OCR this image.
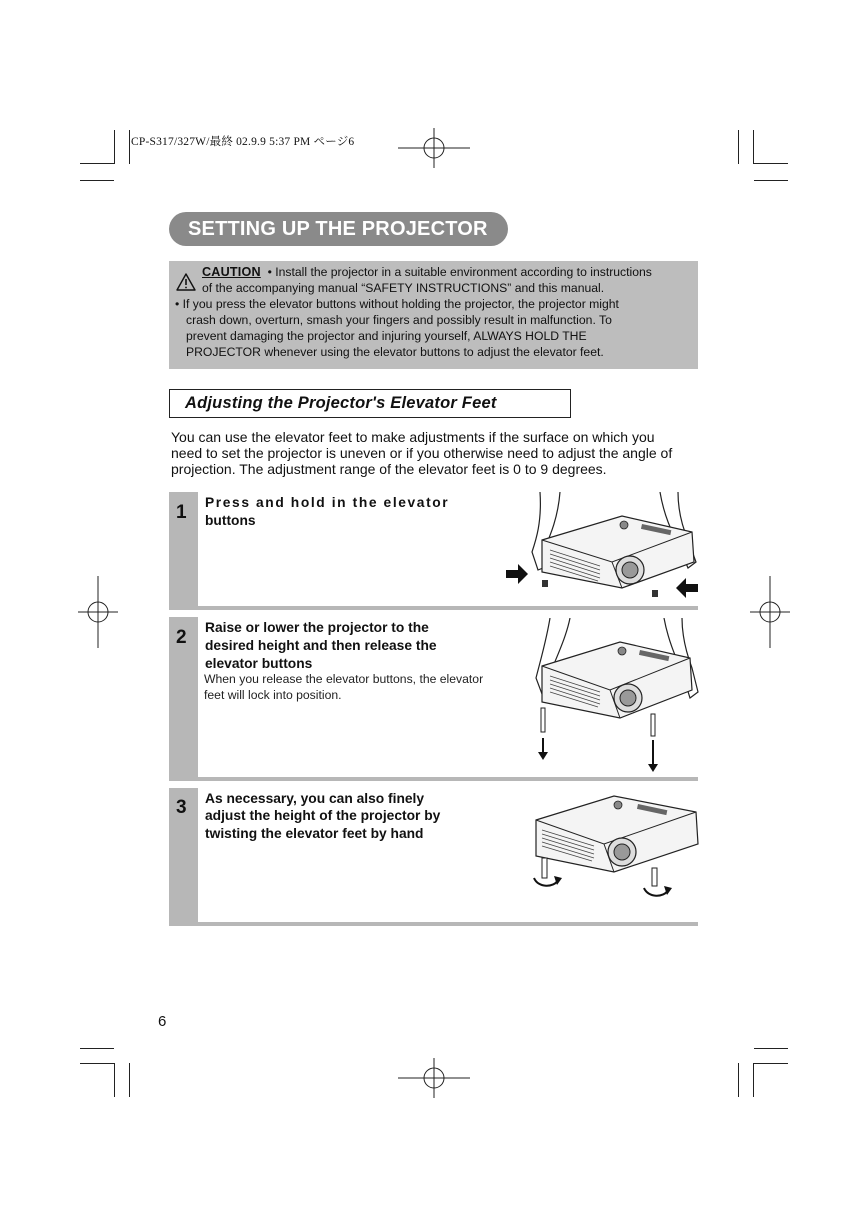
CP-S317/327W/最終 02.9.9 5:37 PM ページ6
SETTING UP THE PROJECTOR
CAUTION • Install the projector in a suitable environment according to instructions
of the accompanying manual “SAFETY INSTRUCTIONS” and this manual.
• If you press the elevator buttons without holding the projector, the projector might
crash down, overturn, smash your fingers and possibly result in malfunction. To
prevent damaging the projector and injuring yourself, ALWAYS HOLD THE
PROJECTOR whenever using the elevator buttons to adjust the elevator feet.
Adjusting the Projector's Elevator Feet
You can use the elevator feet to make adjustments if the surface on which you
need to set the projector is uneven or if you otherwise need to adjust the angle of
projection. The adjustment range of the elevator feet is 0 to 9 degrees.
1 Press and hold in the elevator
buttons
2 Raise or lower the projector to the
desired height and then release the
elevator buttons
When you release the elevator buttons, the elevator
feet will lock into position.
3 As necessary, you can also finely
adjust the height of the projector by
twisting the elevator feet by hand
6
